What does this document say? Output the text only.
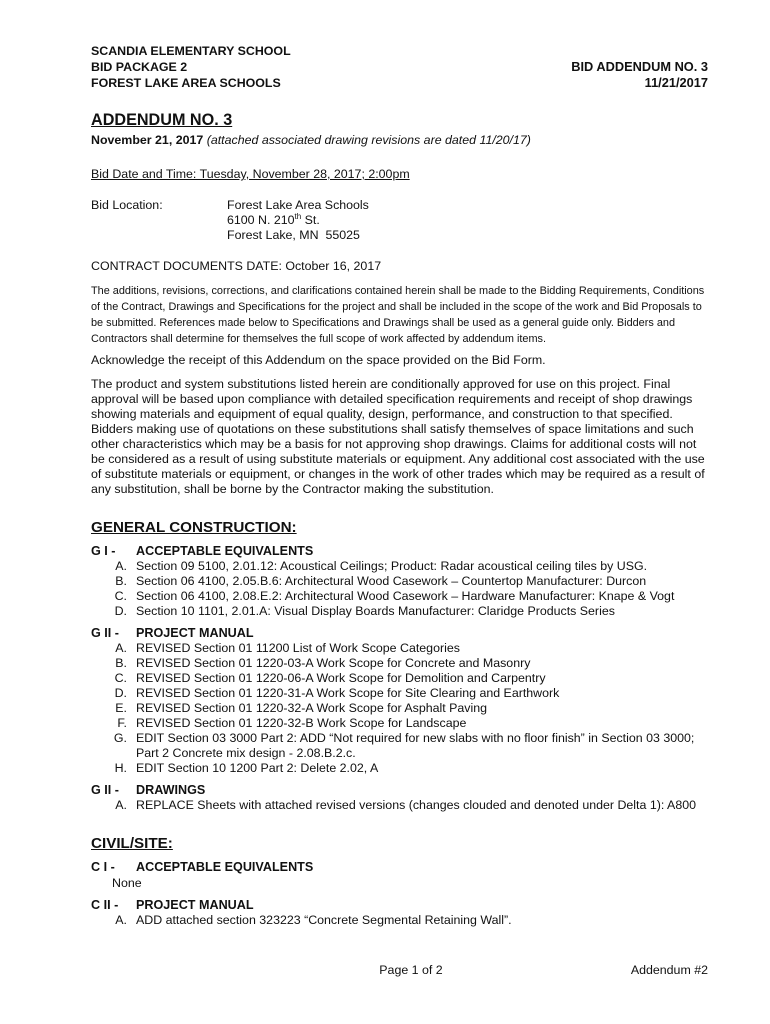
SCANDIA ELEMENTARY SCHOOL
BID PACKAGE 2
FOREST LAKE AREA SCHOOLS
BID ADDENDUM NO. 3
11/21/2017
ADDENDUM NO. 3
November 21, 2017 (attached associated drawing revisions are dated 11/20/17)
Bid Date and Time: Tuesday, November 28, 2017; 2:00pm
Bid Location:	Forest Lake Area Schools
6100 N. 210th St.
Forest Lake, MN  55025
CONTRACT DOCUMENTS DATE: October 16, 2017
The additions, revisions, corrections, and clarifications contained herein shall be made to the Bidding Requirements, Conditions of the Contract, Drawings and Specifications for the project and shall be included in the scope of the work and Bid Proposals to be submitted. References made below to Specifications and Drawings shall be used as a general guide only. Bidders and Contractors shall determine for themselves the full scope of work affected by addendum items.
Acknowledge the receipt of this Addendum on the space provided on the Bid Form.
The product and system substitutions listed herein are conditionally approved for use on this project. Final approval will be based upon compliance with detailed specification requirements and receipt of shop drawings showing materials and equipment of equal quality, design, performance, and construction to that specified. Bidders making use of quotations on these substitutions shall satisfy themselves of space limitations and such other characteristics which may be a basis for not approving shop drawings. Claims for additional costs will not be considered as a result of using substitute materials or equipment. Any additional cost associated with the use of substitute materials or equipment, or changes in the work of other trades which may be required as a result of any substitution, shall be borne by the Contractor making the substitution.
GENERAL CONSTRUCTION:
G I -	ACCEPTABLE EQUIVALENTS
A. Section 09 5100, 2.01.12: Acoustical Ceilings; Product: Radar acoustical ceiling tiles by USG.
B. Section 06 4100, 2.05.B.6: Architectural Wood Casework – Countertop Manufacturer: Durcon
C. Section 06 4100, 2.08.E.2: Architectural Wood Casework – Hardware Manufacturer: Knape & Vogt
D. Section 10 1101, 2.01.A: Visual Display Boards Manufacturer: Claridge Products Series
G II -	PROJECT MANUAL
A. REVISED Section 01 11200 List of Work Scope Categories
B. REVISED Section 01 1220-03-A Work Scope for Concrete and Masonry
C. REVISED Section 01 1220-06-A Work Scope for Demolition and Carpentry
D. REVISED Section 01 1220-31-A Work Scope for Site Clearing and Earthwork
E. REVISED Section 01 1220-32-A Work Scope for Asphalt Paving
F. REVISED Section 01 1220-32-B Work Scope for Landscape
G. EDIT Section 03 3000 Part 2: ADD “Not required for new slabs with no floor finish” in Section 03 3000; Part 2 Concrete mix design - 2.08.B.2.c.
H. EDIT Section 10 1200 Part 2: Delete 2.02, A
G II -	DRAWINGS
A. REPLACE Sheets with attached revised versions (changes clouded and denoted under Delta 1): A800
CIVIL/SITE:
C I -	ACCEPTABLE EQUIVALENTS
None
C II -	PROJECT MANUAL
A. ADD attached section 323223 “Concrete Segmental Retaining Wall”.
Page 1 of 2	Addendum #2
